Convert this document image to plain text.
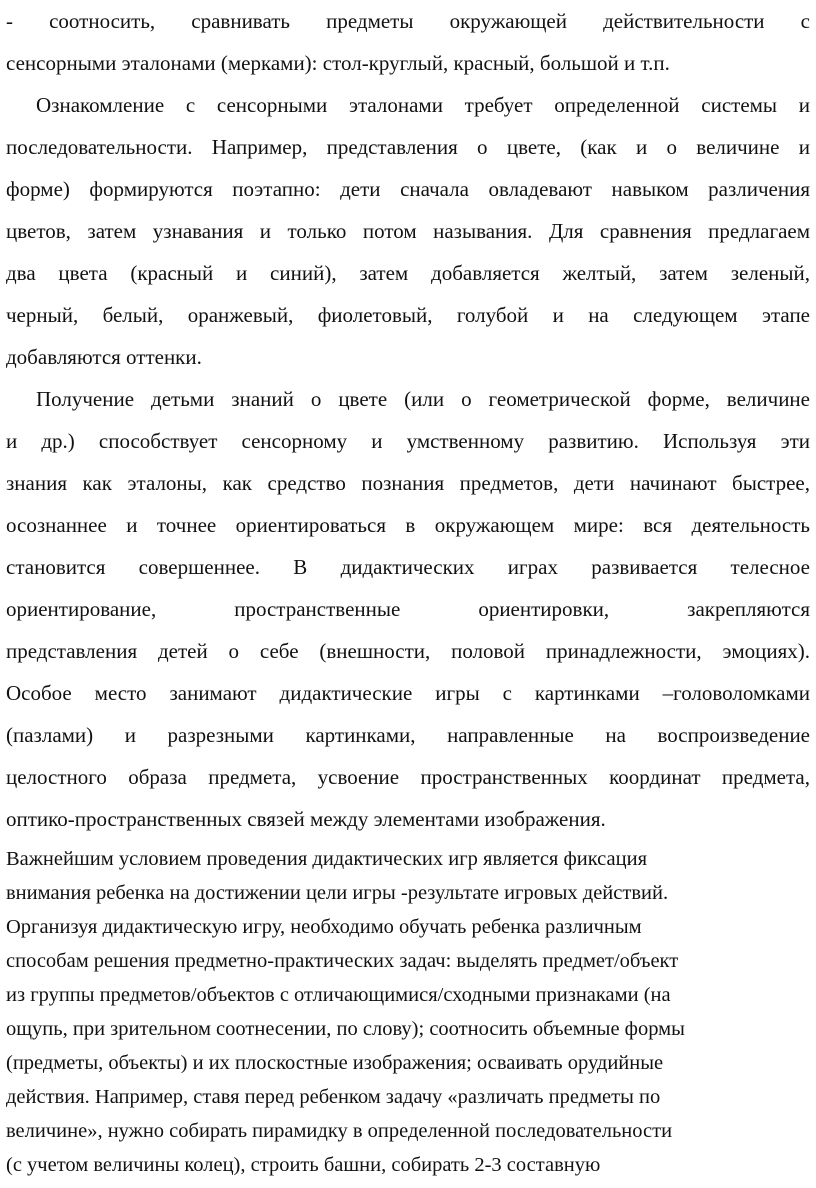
- соотносить, сравнивать предметы окружающей действительности с
сенсорными эталонами (мерками): стол-круглый, красный, большой и т.п.
Ознакомление с сенсорными эталонами требует определенной системы и
последовательности. Например, представления о цвете, (как и о величине и
форме) формируются поэтапно: дети сначала овладевают навыком различения
цветов, затем узнавания и только потом называния. Для сравнения предлагаем
два цвета (красный и синий), затем добавляется желтый, затем зеленый,
черный, белый, оранжевый, фиолетовый, голубой и на следующем этапе
добавляются оттенки.
Получение детьми знаний о цвете (или о геометрической форме, величине
и др.) способствует сенсорному и умственному развитию. Используя эти
знания как эталоны, как средство познания предметов, дети начинают быстрее,
осознаннее и точнее ориентироваться в окружающем мире: вся деятельность
становится совершеннее. В дидактических играх развивается телесное
ориентирование, пространственные ориентировки, закрепляются
представления детей о себе (внешности, половой принадлежности, эмоциях).
Особое место занимают дидактические игры с картинками –головоломками
(пазлами) и разрезными картинками, направленные на воспроизведение
целостного образа предмета, усвоение пространственных координат предмета,
оптико-пространственных связей между элементами изображения.
Важнейшим условием проведения дидактических игр является фиксация
внимания ребенка на достижении цели игры -результате игровых действий.
Организуя дидактическую игру, необходимо обучать ребенка различным
способам решения предметно-практических задач: выделять предмет/объект
из группы предметов/объектов с отличающимися/сходными признаками (на
ощупь, при зрительном соотнесении, по слову); соотносить объемные формы
(предметы, объекты) и их плоскостные изображения; осваивать орудийные
действия. Например, ставя перед ребенком задачу «различать предметы по
величине», нужно собирать пирамидку в определенной последовательности
(с учетом величины колец), строить башни, собирать 2-3 составную
